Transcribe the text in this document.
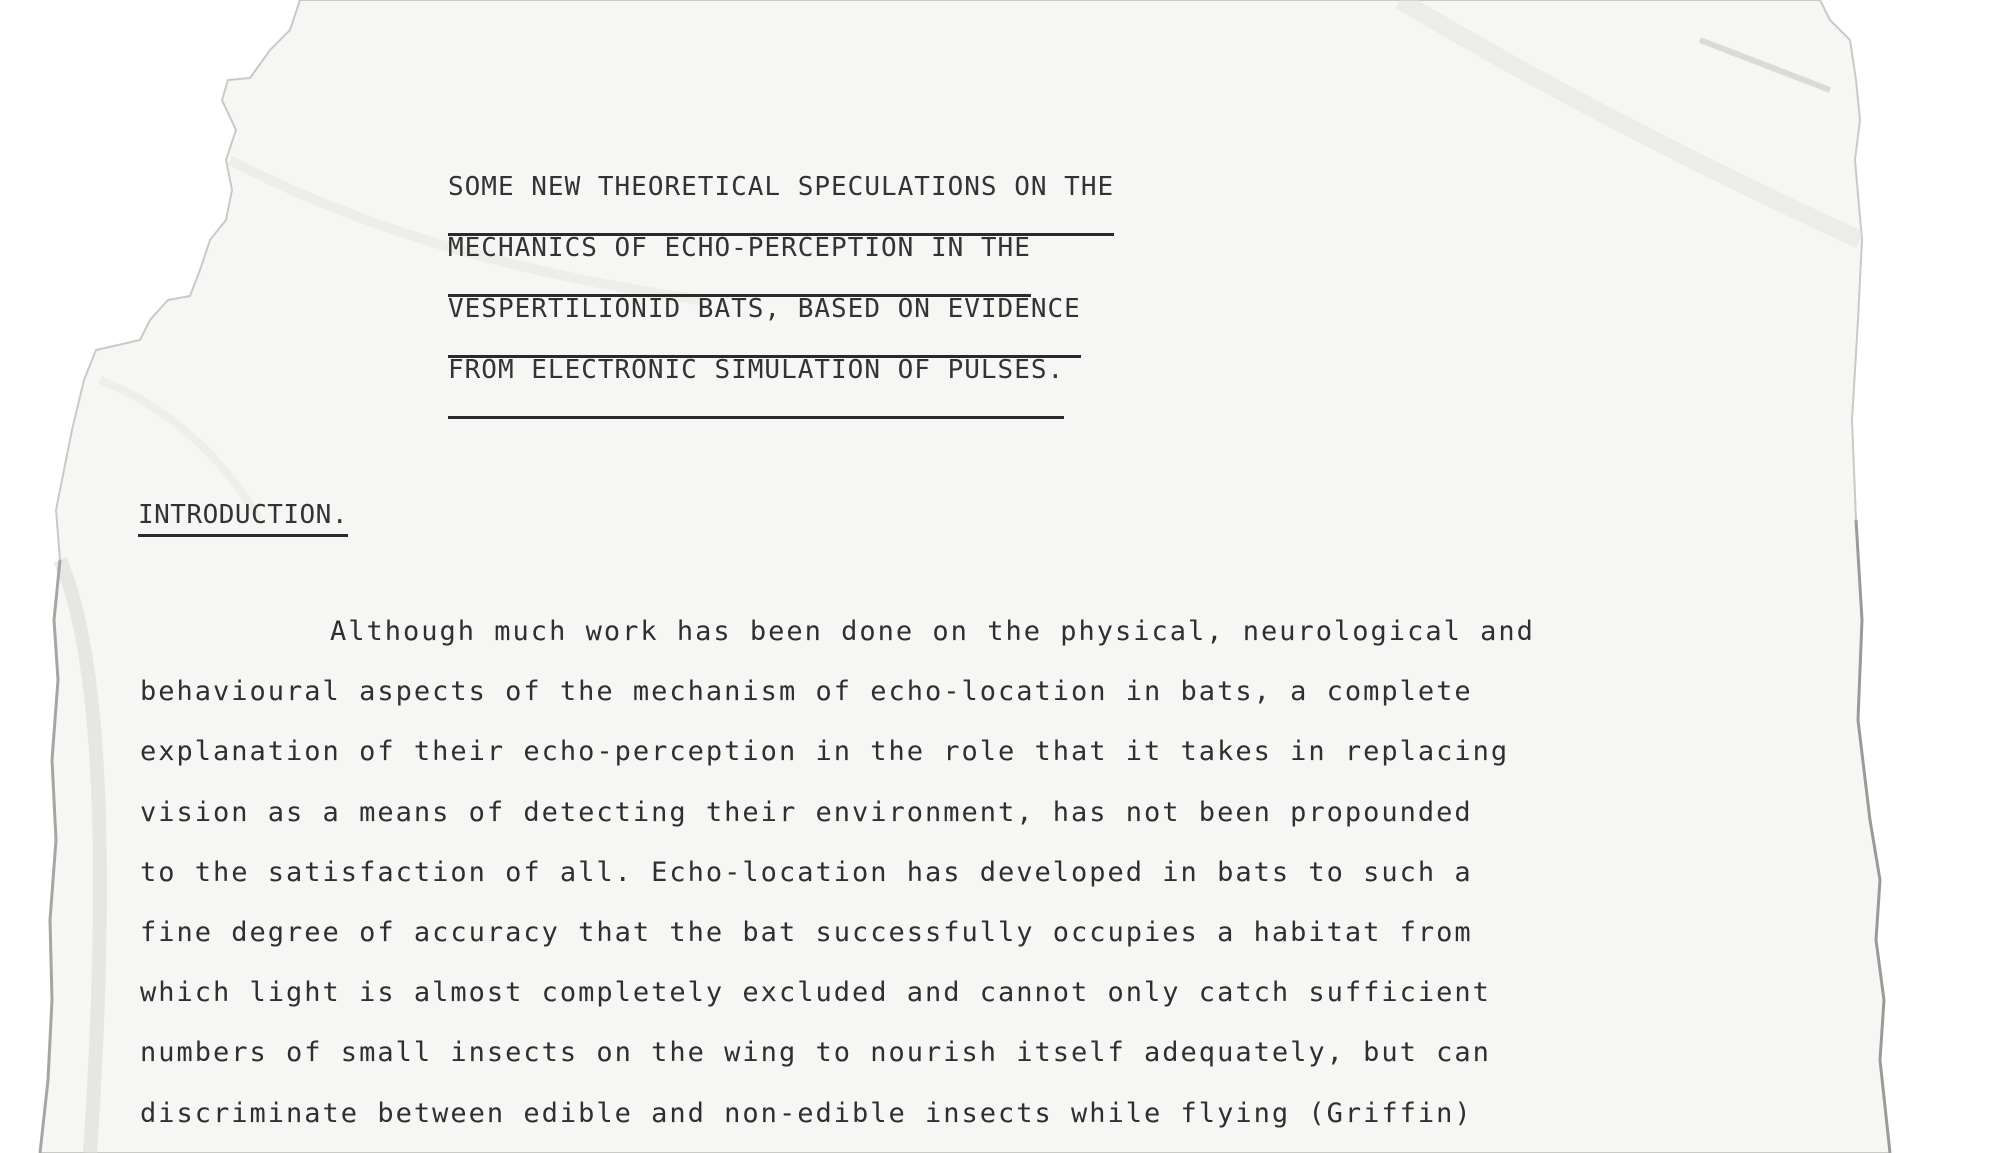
SOME NEW THEORETICAL SPECULATIONS ON THE
MECHANICS OF ECHO-PERCEPTION IN THE
VESPERTILIONID BATS, BASED ON EVIDENCE
FROM ELECTRONIC SIMULATION OF PULSES.
INTRODUCTION.
Although much work has been done on the physical, neurological and
behavioural aspects of the mechanism of echo-location in bats, a complete
explanation of their echo-perception in the role that it takes in replacing
vision as a means of detecting their environment, has not been propounded
to the satisfaction of all. Echo-location has developed in bats to such a
fine degree of accuracy that the bat successfully occupies a habitat from
which light is almost completely excluded and cannot only catch sufficient
numbers of small insects on the wing to nourish itself adequately, but can
discriminate between edible and non-edible insects while flying (Griffin)
